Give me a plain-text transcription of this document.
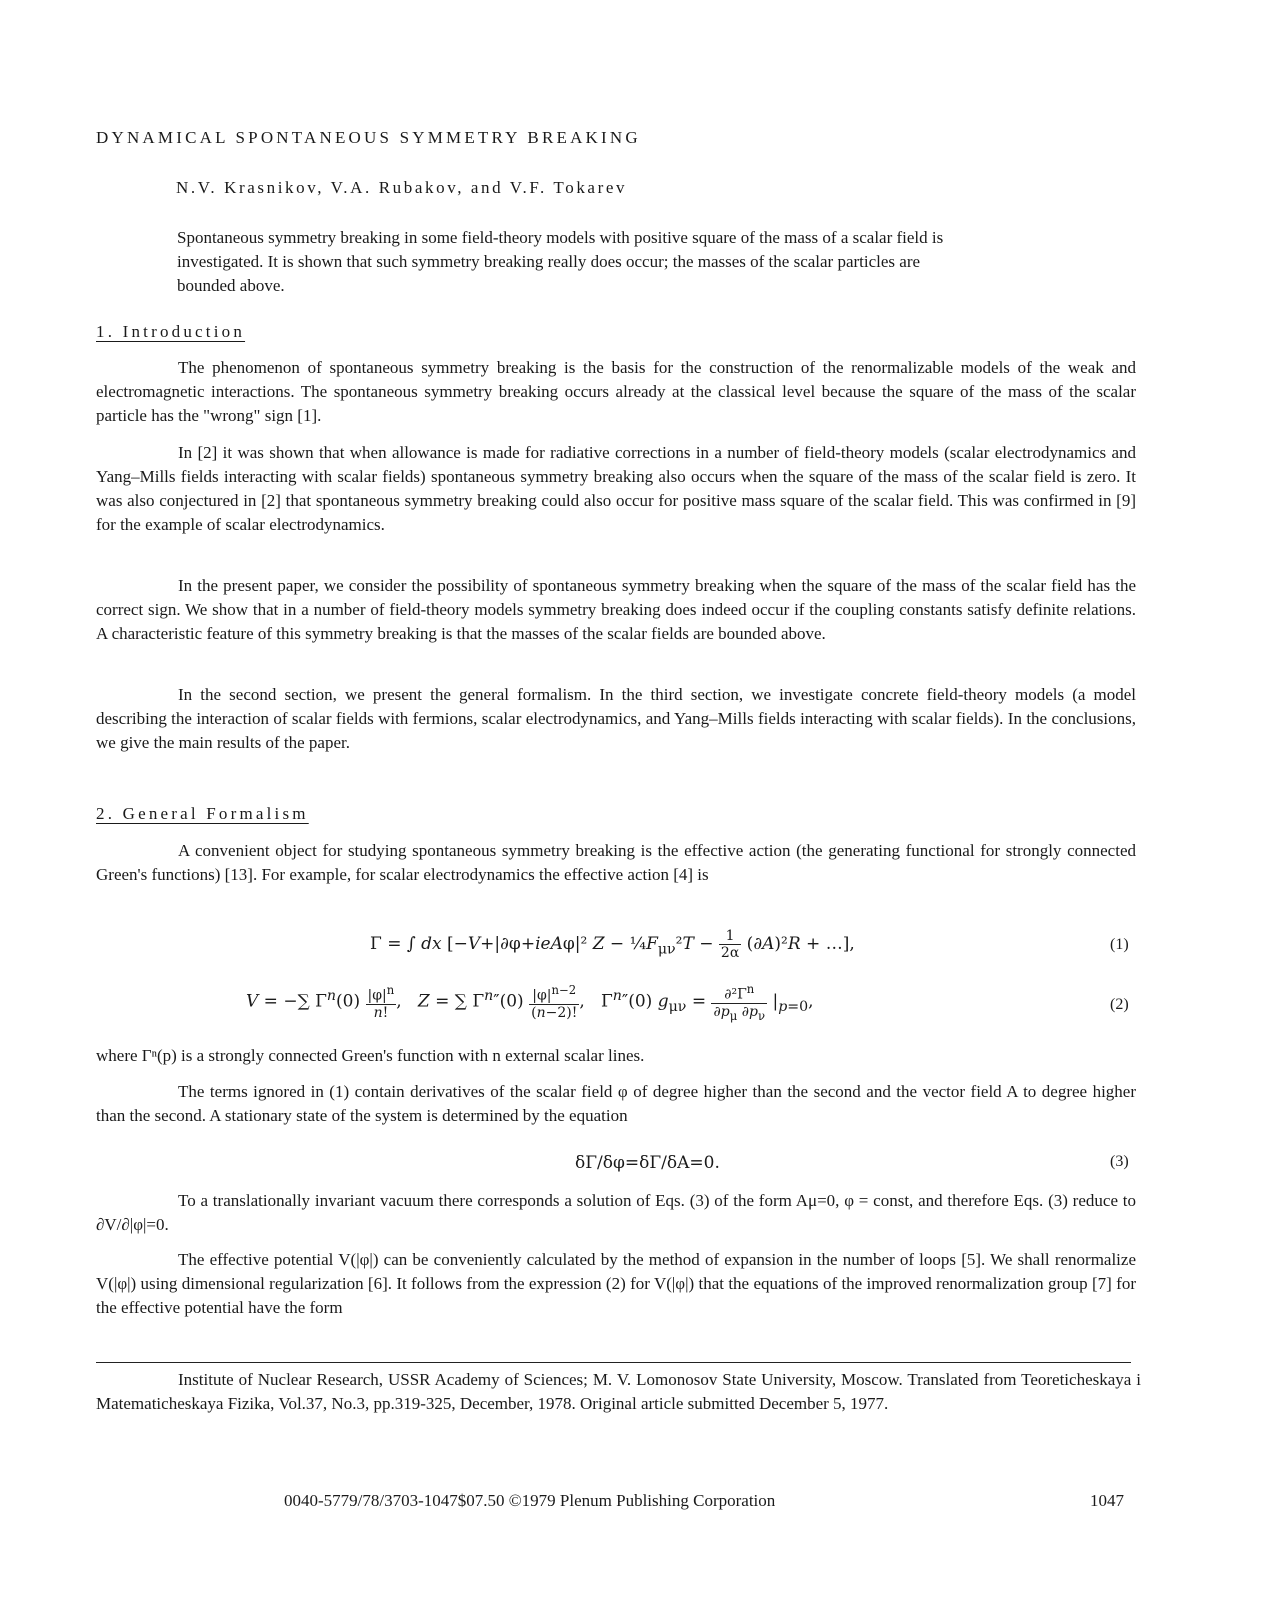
DYNAMICAL SPONTANEOUS SYMMETRY BREAKING
N.V. Krasnikov, V.A. Rubakov, and V.F. Tokarev
Spontaneous symmetry breaking in some field-theory models with positive square of the mass of a scalar field is investigated. It is shown that such symmetry breaking really does occur; the masses of the scalar particles are bounded above.
1. Introduction
The phenomenon of spontaneous symmetry breaking is the basis for the construction of the renormalizable models of the weak and electromagnetic interactions. The spontaneous symmetry breaking occurs already at the classical level because the square of the mass of the scalar particle has the "wrong" sign [1].
In [2] it was shown that when allowance is made for radiative corrections in a number of field-theory models (scalar electrodynamics and Yang–Mills fields interacting with scalar fields) spontaneous symmetry breaking also occurs when the square of the mass of the scalar field is zero. It was also conjectured in [2] that spontaneous symmetry breaking could also occur for positive mass square of the scalar field. This was confirmed in [9] for the example of scalar electrodynamics.
In the present paper, we consider the possibility of spontaneous symmetry breaking when the square of the mass of the scalar field has the correct sign. We show that in a number of field-theory models symmetry breaking does indeed occur if the coupling constants satisfy definite relations. A characteristic feature of this symmetry breaking is that the masses of the scalar fields are bounded above.
In the second section, we present the general formalism. In the third section, we investigate concrete field-theory models (a model describing the interaction of scalar fields with fermions, scalar electrodynamics, and Yang–Mills fields interacting with scalar fields). In the conclusions, we give the main results of the paper.
2. General Formalism
A convenient object for studying spontaneous symmetry breaking is the effective action (the generating functional for strongly connected Green's functions) [13]. For example, for scalar electrodynamics the effective action [4] is
Γ = ∫ dx [−V+|∂φ+ieAφ|² $Z - \frac{1}{4}F_{\mu\nu}^2T - \frac{1}{2\alpha} (\partial A)^2R$ + …],	(1)
V = −∑ $\Gamma^n(0) \frac{|\varphi|^n}{n!}$ ,   Z = ∑ $\Gamma^n''(0) \frac{|\varphi|^{n-2}}{(n-2)!}$ ,   $\Gamma^n''(0) g_{\mu\nu} = \frac{\partial^2\Gamma^n}{\partial p_\mu \partial p_\nu} |_{p=0}$,	(2)
where Γⁿ(p) is a strongly connected Green's function with n external scalar lines.
The terms ignored in (1) contain derivatives of the scalar field φ of degree higher than the second and the vector field A to degree higher than the second. A stationary state of the system is determined by the equation
δΓ/δφ=δΓ/δA=0.	(3)
To a translationally invariant vacuum there corresponds a solution of Eqs. (3) of the form Aμ=0, φ = const, and therefore Eqs. (3) reduce to ∂V/∂|φ|=0.
The effective potential V(|φ|) can be conveniently calculated by the method of expansion in the number of loops [5]. We shall renormalize V(|φ|) using dimensional regularization [6]. It follows from the expression (2) for V(|φ|) that the equations of the improved renormalization group [7] for the effective potential have the form
Institute of Nuclear Research, USSR Academy of Sciences; M. V. Lomonosov State University, Moscow. Translated from Teoreticheskaya i Matematicheskaya Fizika, Vol.37, No.3, pp.319-325, December, 1978. Original article submitted December 5, 1977.
0040-5779/78/3703-1047$07.50 ©1979 Plenum Publishing Corporation	1047
